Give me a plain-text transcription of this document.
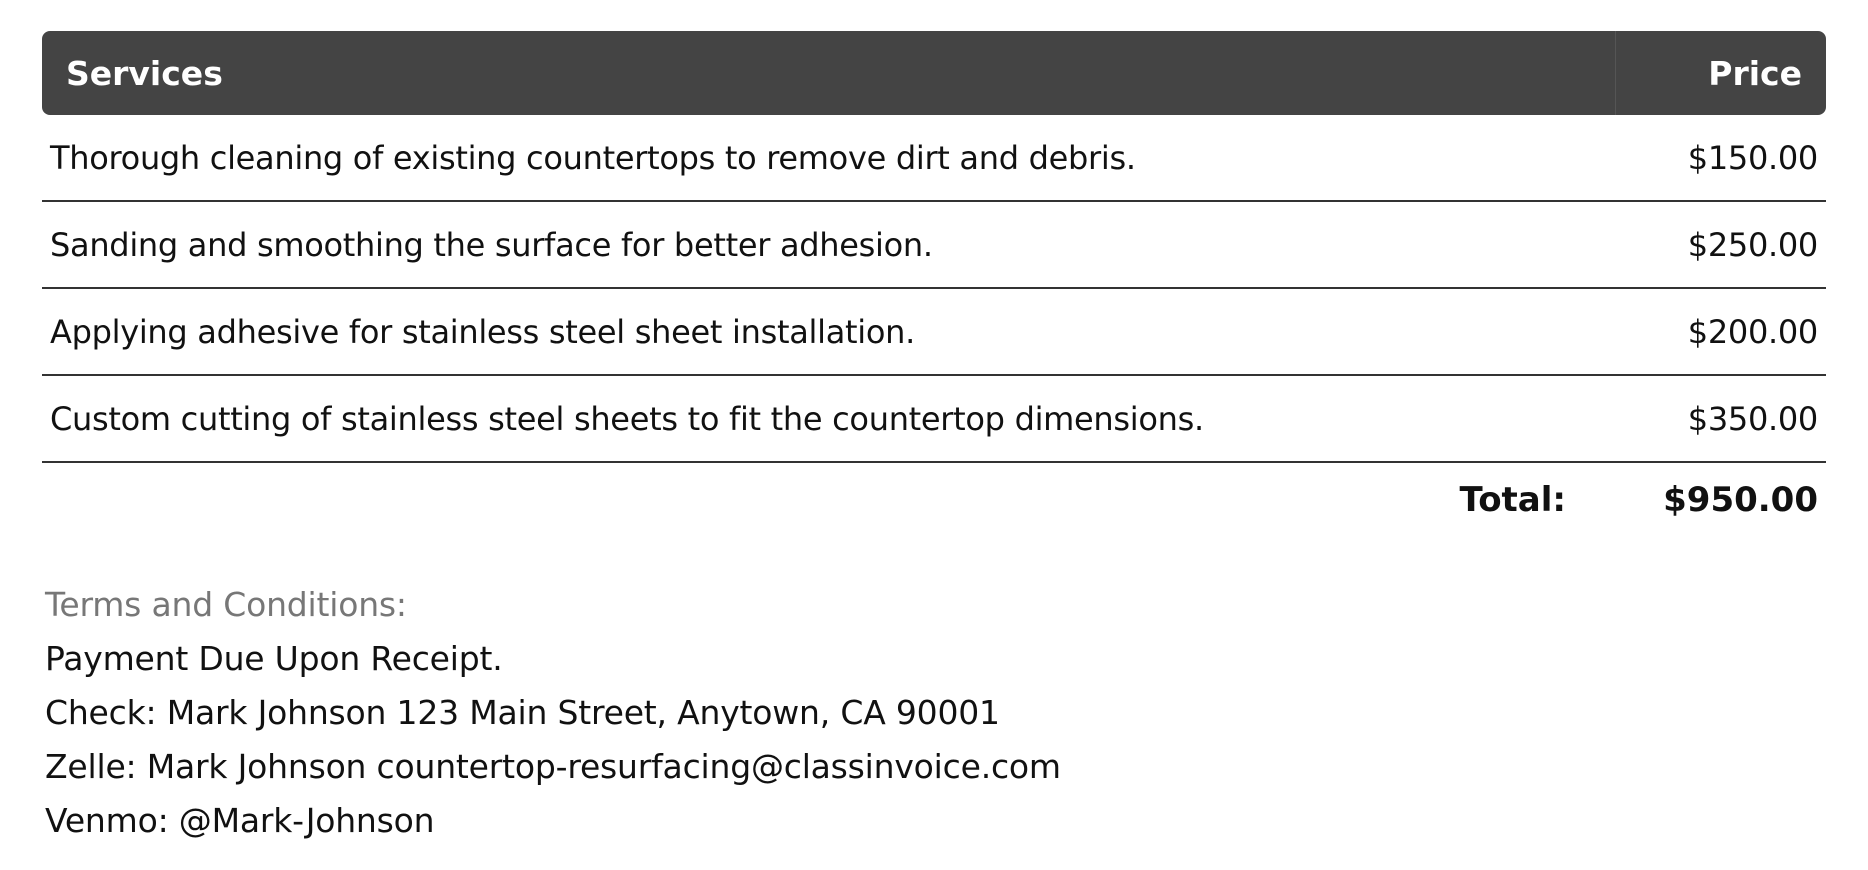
Services	Price
Thorough cleaning of existing countertops to remove dirt and debris.	$150.00
Sanding and smoothing the surface for better adhesion.	$250.00
Applying adhesive for stainless steel sheet installation.	$200.00
Custom cutting of stainless steel sheets to fit the countertop dimensions.	$350.00
Total:	$950.00
Terms and Conditions:
Payment Due Upon Receipt.
Check: Mark Johnson 123 Main Street, Anytown, CA 90001
Zelle: Mark Johnson countertop-resurfacing@classinvoice.com
Venmo: @Mark-Johnson
